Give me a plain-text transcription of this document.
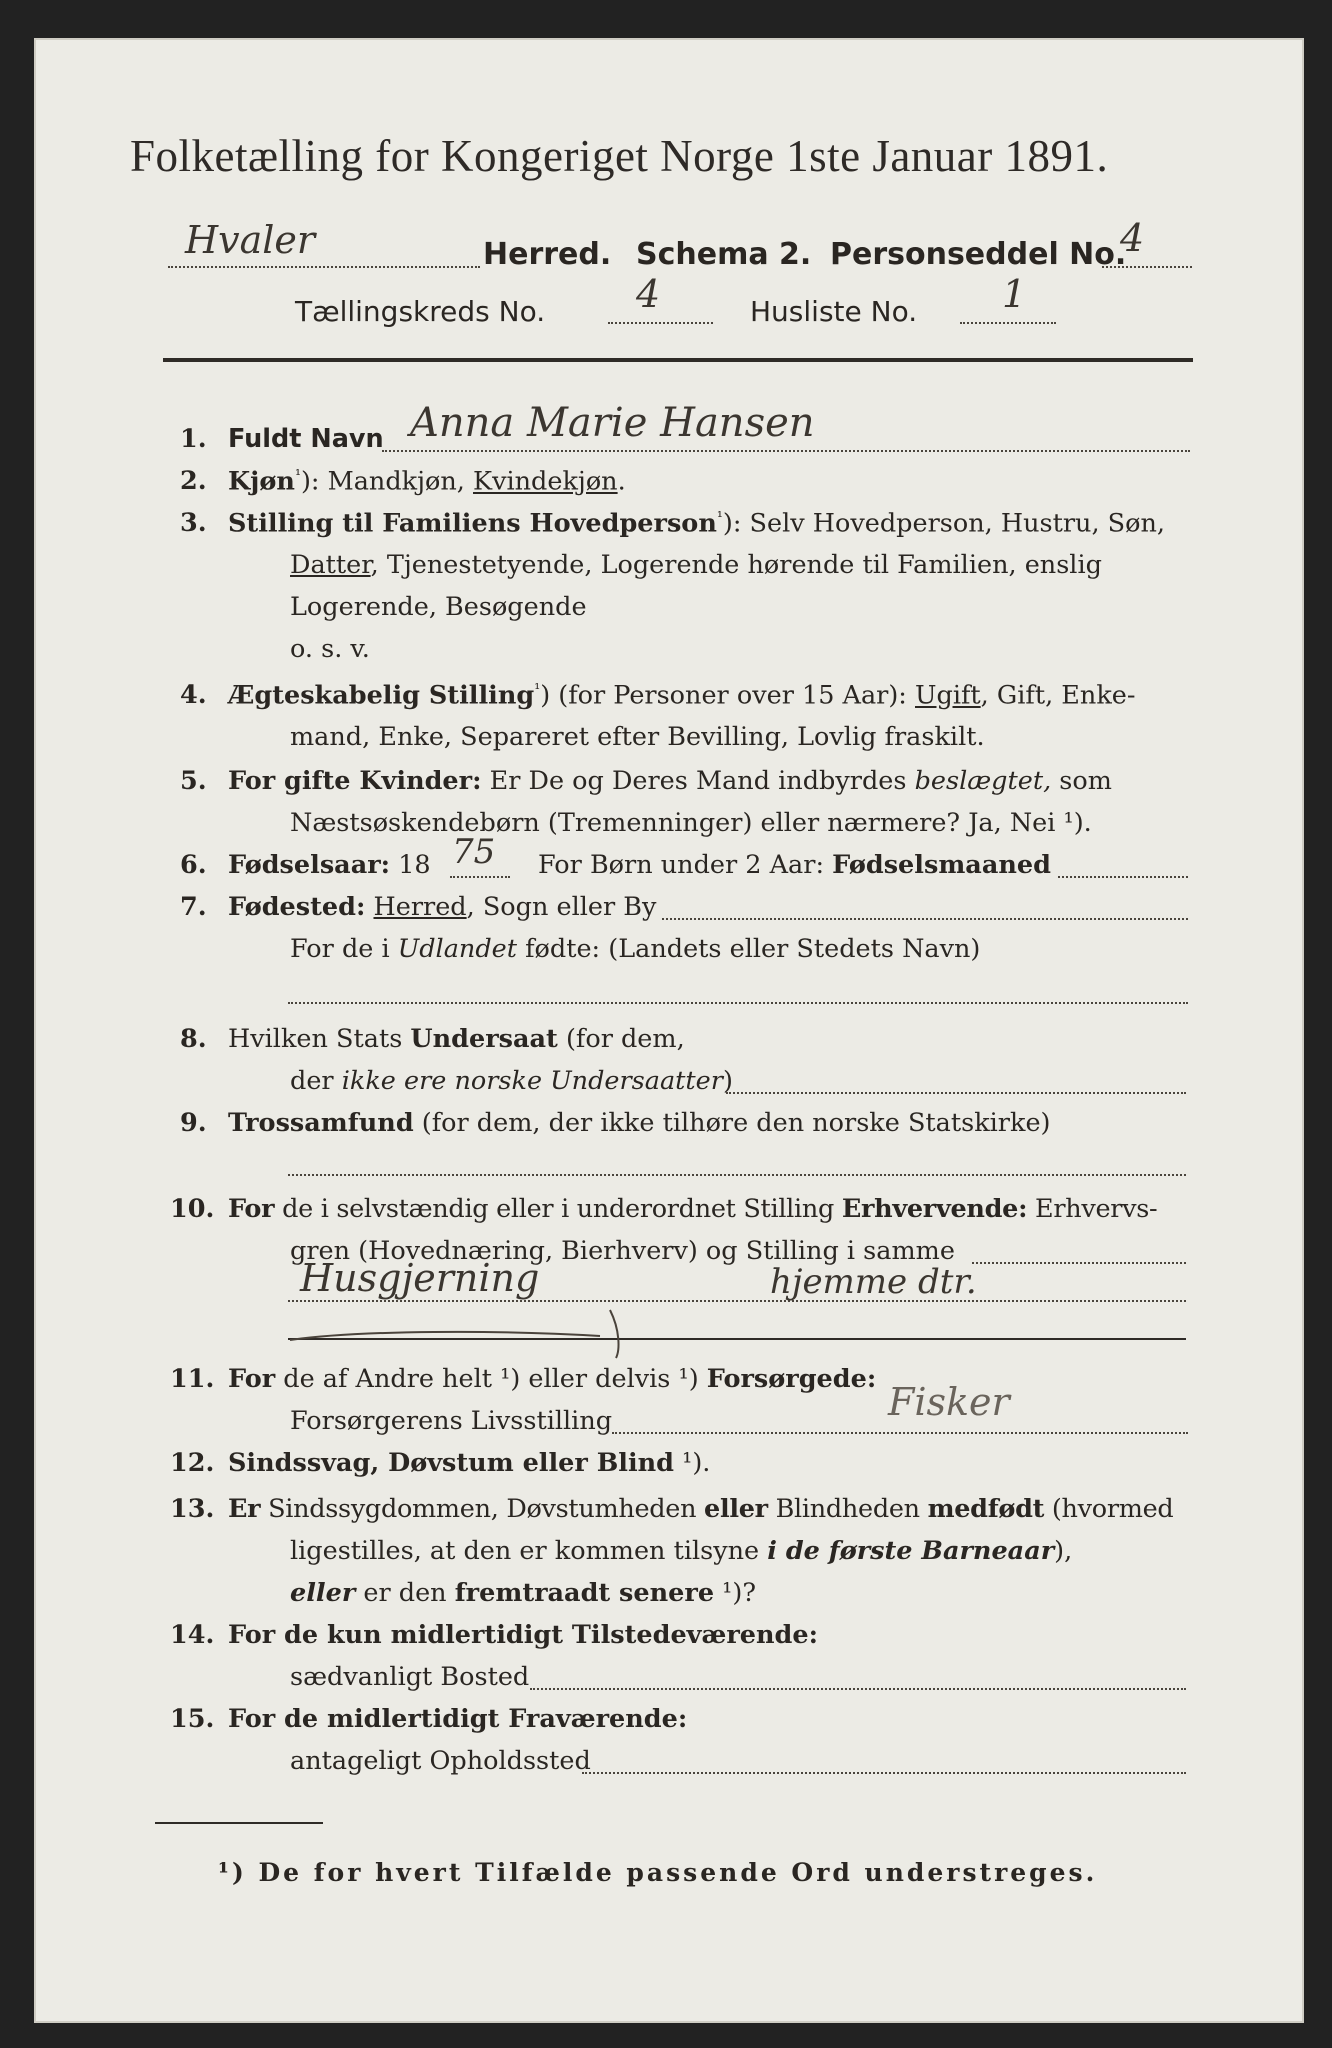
Folketælling for Kongeriget Norge 1ste Januar 1891.
Hvaler	Herred. Schema 2. Personseddel No.
4
Tællingskreds No. 4	Husliste No. 1
1. Fuldt Navn Anna Marie Hansen
2. Kjøn$^{^1}$): Mandkjøn, Kvindekjøn.
3. Stilling til Familiens Hovedperson$^{^1}$): Selv Hovedperson, Hustru, Søn,
Datter, Tjenestetyende, Logerende hørende til Familien, enslig
Logerende, Besøgende
o. s. v.
4. Ægteskabelig Stilling$^{^1}$) (for Personer over 15 Aar): Ugift, Gift, Enke-
mand, Enke, Separeret efter Bevilling, Lovlig fraskilt.
5. For gifte Kvinder: Er De og Deres Mand indbyrdes beslægtet, som
Næstsøskendebørn (Tremenninger) eller nærmere? Ja, Nei ¹).
6. Fødselsaar: 18 75 For Børn under 2 Aar: Fødselsmaaned
7. Fødested: Herred, Sogn eller By
For de i Udlandet fødte: (Landets eller Stedets Navn)
8. Hvilken Stats Undersaat (for dem,
der ikke ere norske Undersaatter)
9. Trossamfund (for dem, der ikke tilhøre den norske Statskirke)
10. For de i selvstændig eller i underordnet Stilling Erhvervende: Erhvervs-
gren (Hovednæring, Bierhverv) og Stilling i samme
Husgjerning	hjemme dtr.
11. For de af Andre helt ¹) eller delvis ¹) Forsørgede:
Forsørgerens Livsstilling	Fisker
12. Sindssvag, Døvstum eller Blind ¹).
13. Er Sindssygdommen, Døvstumheden eller Blindheden medfødt (hvormed
ligestilles, at den er kommen tilsyne i de første Barneaar),
eller er den fremtraadt senere ¹)?
14. For de kun midlertidigt Tilstedeværende:
sædvanligt Bosted
15. For de midlertidigt Fraværende:
antageligt Opholdssted
¹) De for hvert Tilfælde passende Ord understreges.
